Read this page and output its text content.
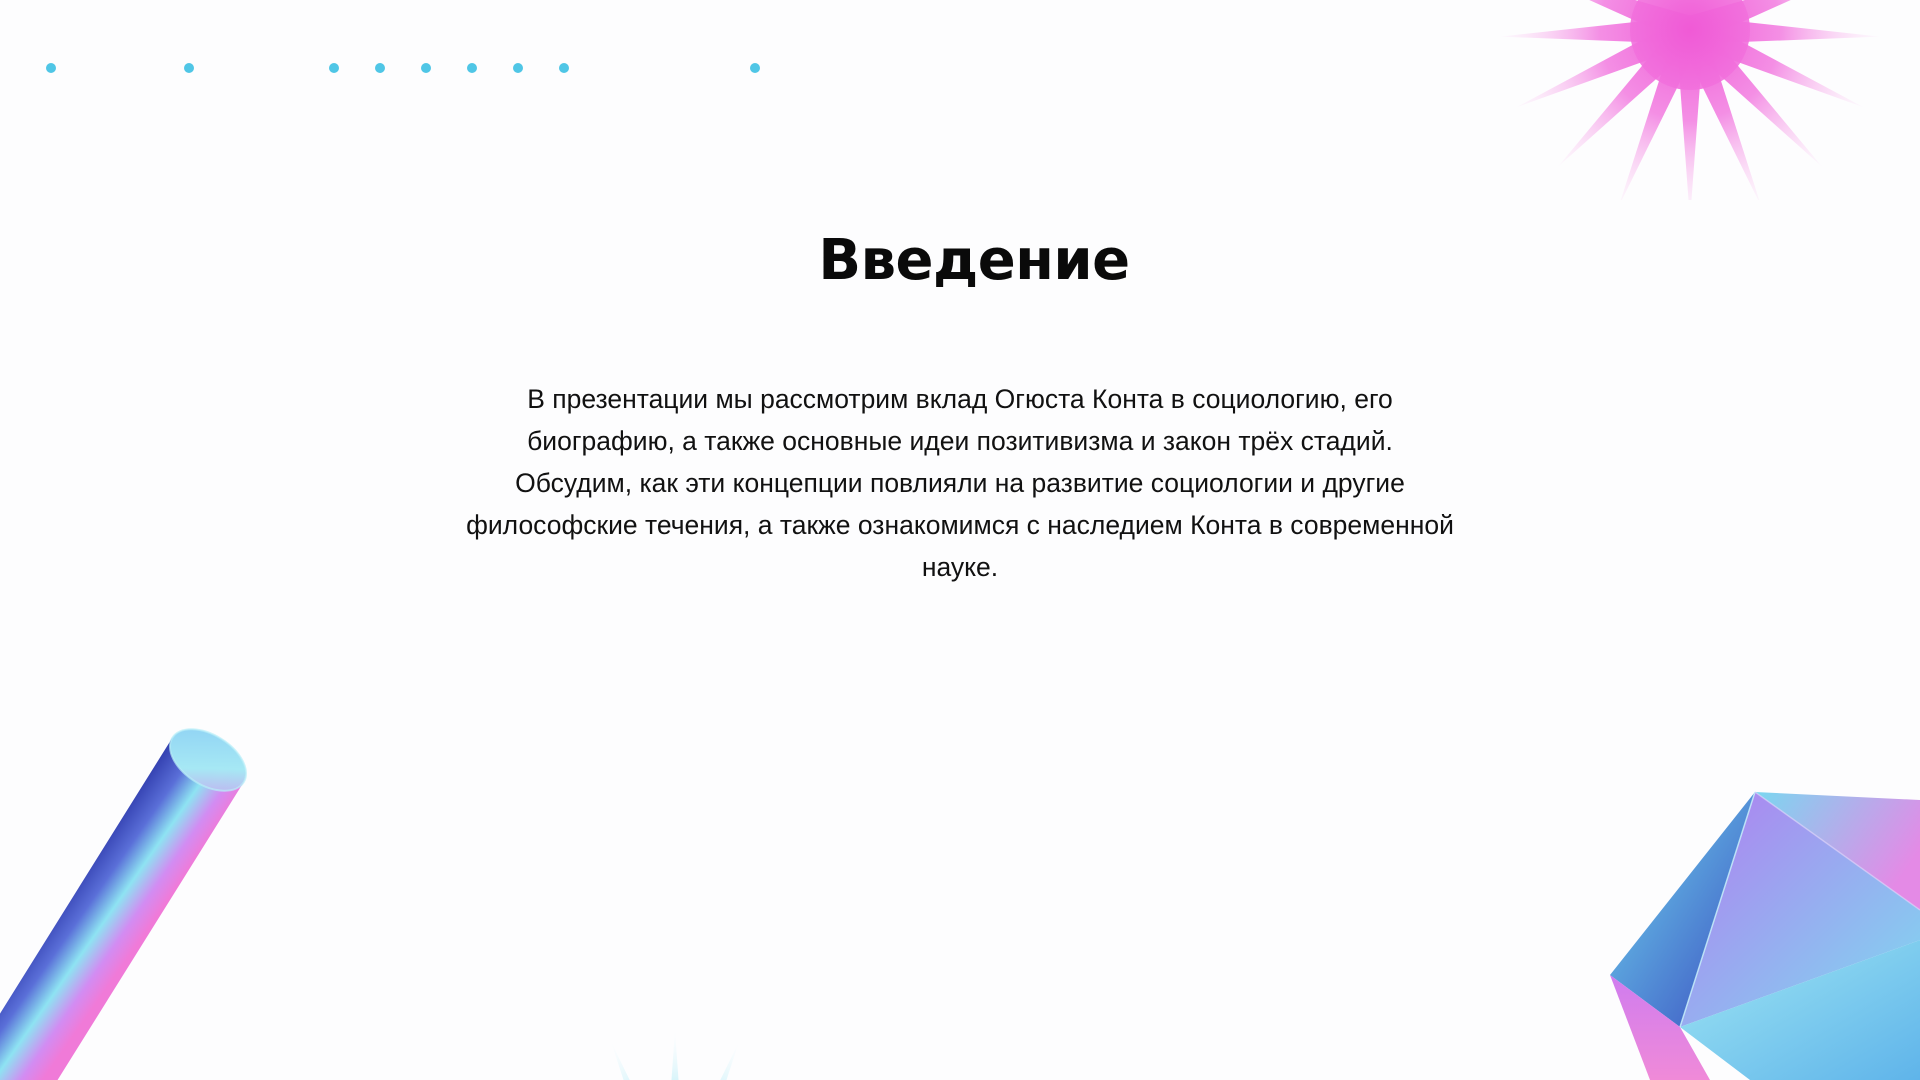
Введение
В презентации мы рассмотрим вклад Огюста Конта в социологию, его
биографию, а также основные идеи позитивизма и закон трёх стадий.
Обсудим, как эти концепции повлияли на развитие социологии и другие
философские течения, а также ознакомимся с наследием Конта в современной
науке.
